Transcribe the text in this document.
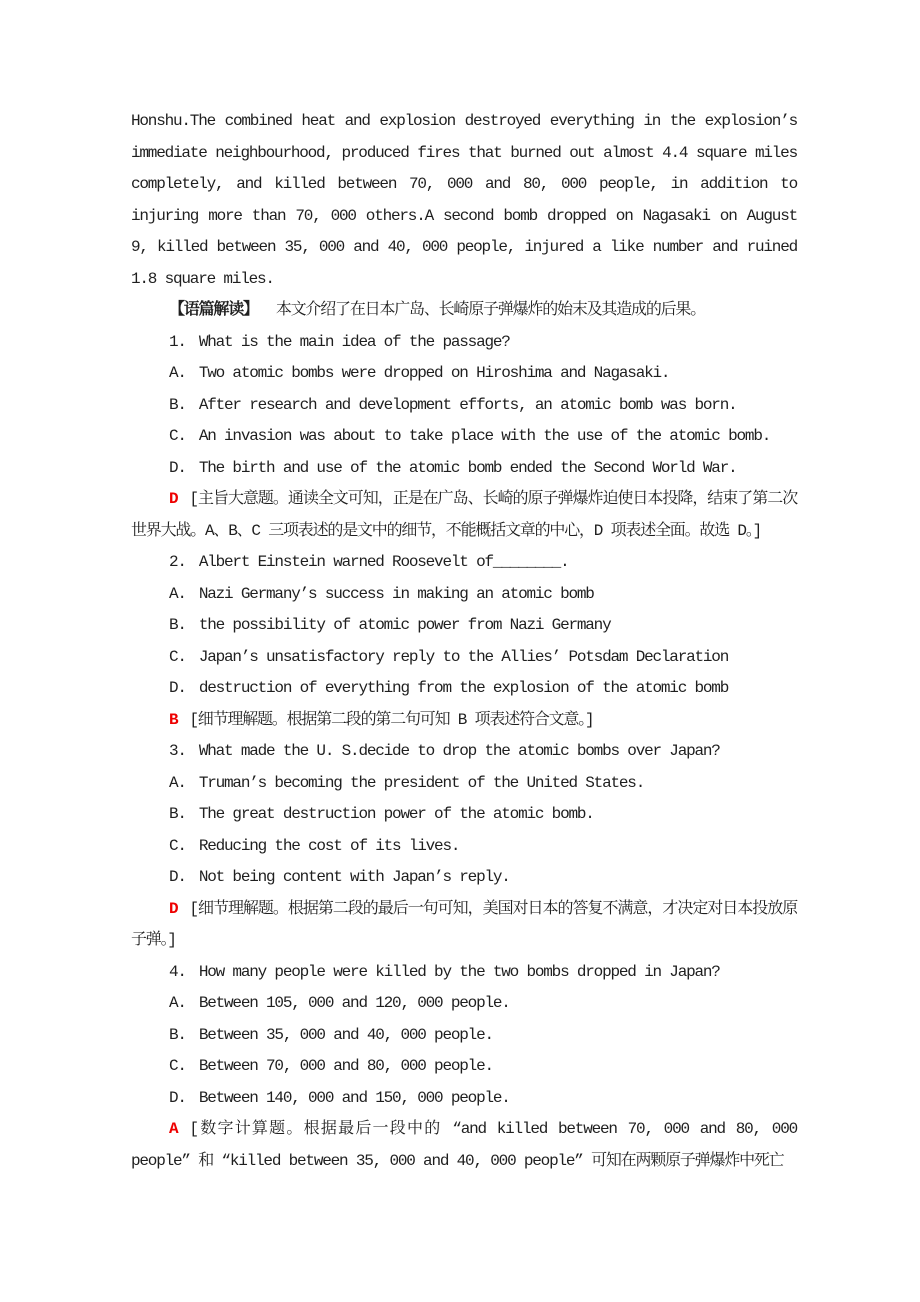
Honshu.The combined heat and explosion destroyed everything in the explosion’s immediate neighbourhood, produced fires that burned out almost 4.4 square miles completely, and killed between 70, 000 and 80, 000 people, in addition to injuring more than 70, 000 others.A second bomb dropped on Nagasaki on August 9, killed between 35, 000 and 40, 000 people, injured a like number and ruined 1.8 square miles.

【语篇解读】 本文介绍了在日本广岛、长崎原子弹爆炸的始末及其造成的后果。

1. What is the main idea of the passage?

A. Two atomic bombs were dropped on Hiroshima and Nagasaki.

B. After research and development efforts, an atomic bomb was born.

C. An invasion was about to take place with the use of the atomic bomb.

D. The birth and use of the atomic bomb ended the Second World War.

D [主旨大意题。通读全文可知，正是在广岛、长崎的原子弹爆炸迫使日本投降，结束了第二次世界大战。A、B、C 三项表述的是文中的细节，不能概括文章的中心，D 项表述全面。故选 D。]

2. Albert Einstein warned Roosevelt of________.

A. Nazi Germany’s success in making an atomic bomb

B. the possibility of atomic power from Nazi Germany

C. Japan’s unsatisfactory reply to the Allies’ Potsdam Declaration

D. destruction of everything from the explosion of the atomic bomb

B [细节理解题。根据第二段的第二句可知 B 项表述符合文意。]

3. What made the U. S.decide to drop the atomic bombs over Japan?

A. Truman’s becoming the president of the United States.

B. The great destruction power of the atomic bomb.

C. Reducing the cost of its lives.

D. Not being content with Japan’s reply.

D [细节理解题。根据第二段的最后一句可知，美国对日本的答复不满意，才决定对日本投放原子弹。]

4. How many people were killed by the two bombs dropped in Japan?

A. Between 105, 000 and 120, 000 people.

B. Between 35, 000 and 40, 000 people.

C. Between 70, 000 and 80, 000 people.

D. Between 140, 000 and 150, 000 people.

A [数字计算题。根据最后一段中的 “and killed between 70, 000 and 80, 000 people” 和 “killed between 35, 000 and 40, 000 people” 可知在两颗原子弹爆炸中死亡
